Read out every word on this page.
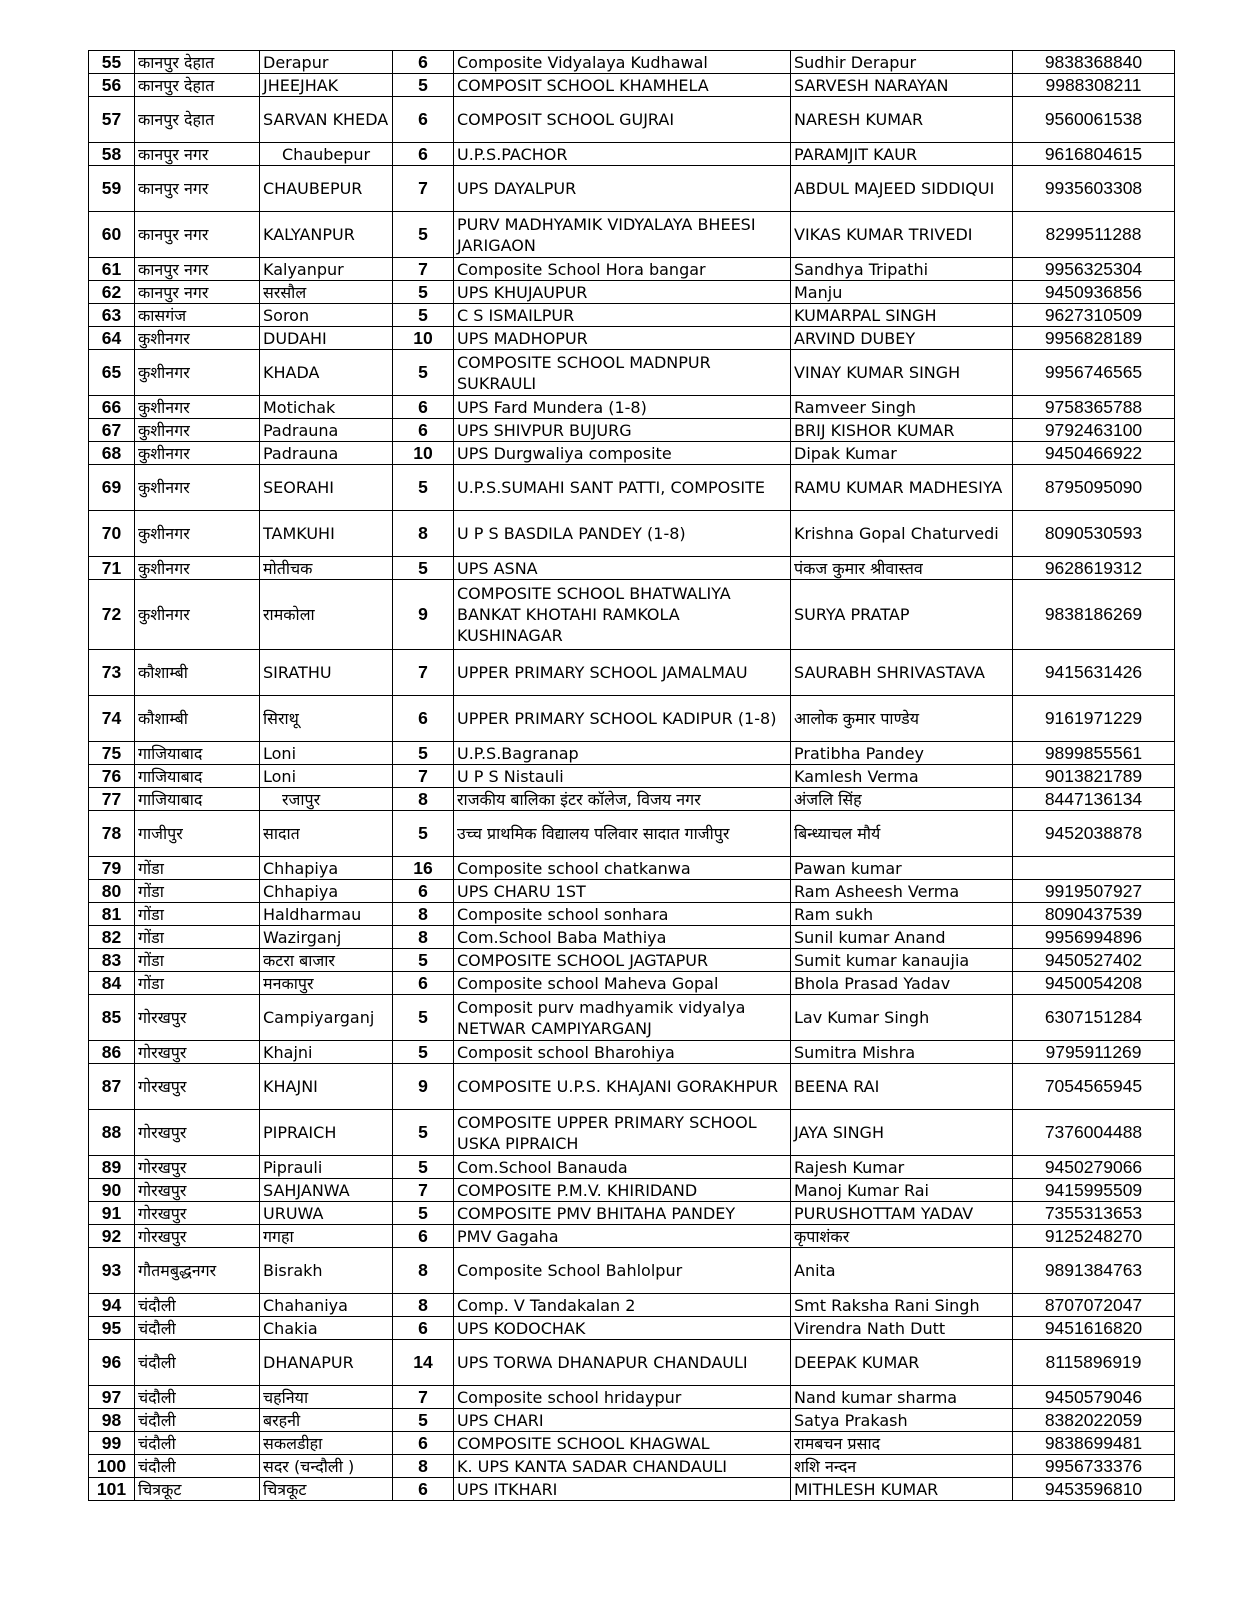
55	कानपुर देहात	Derapur	6	Composite Vidyalaya Kudhawal	Sudhir Derapur	9838368840
56	कानपुर देहात	JHEEJHAK	5	COMPOSIT SCHOOL KHAMHELA	SARVESH NARAYAN	9988308211
57	कानपुर देहात	SARVAN KHEDA	6	COMPOSIT SCHOOL GUJRAI	NARESH KUMAR	9560061538
58	कानपुर नगर	Chaubepur	6	U.P.S.PACHOR	PARAMJIT KAUR	9616804615
59	कानपुर नगर	CHAUBEPUR	7	UPS DAYALPUR	ABDUL MAJEED SIDDIQUI	9935603308
60	कानपुर नगर	KALYANPUR	5	PURV MADHYAMIK VIDYALAYA BHEESI JARIGAON	VIKAS KUMAR TRIVEDI	8299511288
61	कानपुर नगर	Kalyanpur	7	Composite School Hora bangar	Sandhya Tripathi	9956325304
62	कानपुर नगर	सरसौल	5	UPS KHUJAUPUR	Manju	9450936856
63	कासगंज	Soron	5	C S ISMAILPUR	KUMARPAL SINGH	9627310509
64	कुशीनगर	DUDAHI	10	UPS MADHOPUR	ARVIND DUBEY	9956828189
65	कुशीनगर	KHADA	5	COMPOSITE SCHOOL MADNPUR SUKRAULI	VINAY KUMAR SINGH	9956746565
66	कुशीनगर	Motichak	6	UPS Fard Mundera (1-8)	Ramveer Singh	9758365788
67	कुशीनगर	Padrauna	6	UPS SHIVPUR BUJURG	BRIJ KISHOR KUMAR	9792463100
68	कुशीनगर	Padrauna	10	UPS Durgwaliya composite	Dipak Kumar	9450466922
69	कुशीनगर	SEORAHI	5	U.P.S.SUMAHI SANT PATTI, COMPOSITE	RAMU KUMAR MADHESIYA	8795095090
70	कुशीनगर	TAMKUHI	8	U P S BASDILA PANDEY (1-8)	Krishna Gopal Chaturvedi	8090530593
71	कुशीनगर	मोतीचक	5	UPS ASNA	पंकज कुमार श्रीवास्तव	9628619312
72	कुशीनगर	रामकोला	9	COMPOSITE SCHOOL BHATWALIYA BANKAT KHOTAHI RAMKOLA KUSHINAGAR	SURYA PRATAP	9838186269
73	कौशाम्बी	SIRATHU	7	UPPER PRIMARY SCHOOL JAMALMAU	SAURABH SHRIVASTAVA	9415631426
74	कौशाम्बी	सिराथू	6	UPPER PRIMARY SCHOOL KADIPUR (1-8)	आलोक कुमार पाण्डेय	9161971229
75	गाजियाबाद	Loni	5	U.P.S.Bagranap	Pratibha Pandey	9899855561
76	गाजियाबाद	Loni	7	U P S Nistauli	Kamlesh Verma	9013821789
77	गाजियाबाद	रजापुर	8	राजकीय बालिका इंटर कॉलेज, विजय नगर	अंजलि सिंह	8447136134
78	गाजीपुर	सादात	5	उच्च प्राथमिक विद्यालय पलिवार सादात गाजीपुर	बिन्ध्याचल मौर्य	9452038878
79	गोंडा	Chhapiya	16	Composite school chatkanwa	Pawan kumar	
80	गोंडा	Chhapiya	6	UPS CHARU 1ST	Ram Asheesh Verma	9919507927
81	गोंडा	Haldharmau	8	Composite school sonhara	Ram sukh	8090437539
82	गोंडा	Wazirganj	8	Com.School Baba Mathiya	Sunil kumar Anand	9956994896
83	गोंडा	कटरा बाजार	5	COMPOSITE SCHOOL JAGTAPUR	Sumit kumar kanaujia	9450527402
84	गोंडा	मनकापुर	6	Composite school Maheva Gopal	Bhola Prasad Yadav	9450054208
85	गोरखपुर	Campiyarganj	5	Composit purv madhyamik vidyalya NETWAR CAMPIYARGANJ	Lav Kumar Singh	6307151284
86	गोरखपुर	Khajni	5	Composit school Bharohiya	Sumitra Mishra	9795911269
87	गोरखपुर	KHAJNI	9	COMPOSITE U.P.S. KHAJANI GORAKHPUR	BEENA RAI	7054565945
88	गोरखपुर	PIPRAICH	5	COMPOSITE UPPER PRIMARY SCHOOL USKA PIPRAICH	JAYA SINGH	7376004488
89	गोरखपुर	Piprauli	5	Com.School Banauda	Rajesh Kumar	9450279066
90	गोरखपुर	SAHJANWA	7	COMPOSITE P.M.V. KHIRIDAND	Manoj Kumar Rai	9415995509
91	गोरखपुर	URUWA	5	COMPOSITE PMV BHITAHA PANDEY	PURUSHOTTAM YADAV	7355313653
92	गोरखपुर	गगहा	6	PMV Gagaha	कृपाशंकर	9125248270
93	गौतमबुद्धनगर	Bisrakh	8	Composite School Bahlolpur	Anita	9891384763
94	चंदौली	Chahaniya	8	Comp. V Tandakalan 2	Smt Raksha Rani Singh	8707072047
95	चंदौली	Chakia	6	UPS KODOCHAK	Virendra Nath Dutt	9451616820
96	चंदौली	DHANAPUR	14	UPS TORWA DHANAPUR CHANDAULI	DEEPAK KUMAR	8115896919
97	चंदौली	चहनिया	7	Composite school hridaypur	Nand kumar sharma	9450579046
98	चंदौली	बरहनी	5	UPS CHARI	Satya Prakash	8382022059
99	चंदौली	सकलडीहा	6	COMPOSITE SCHOOL KHAGWAL	रामबचन प्रसाद	9838699481
100	चंदौली	सदर (चन्दौली )	8	K. UPS KANTA SADAR CHANDAULI	शशि नन्दन	9956733376
101	चित्रकूट	चित्रकूट	6	UPS ITKHARI	MITHLESH KUMAR	9453596810
